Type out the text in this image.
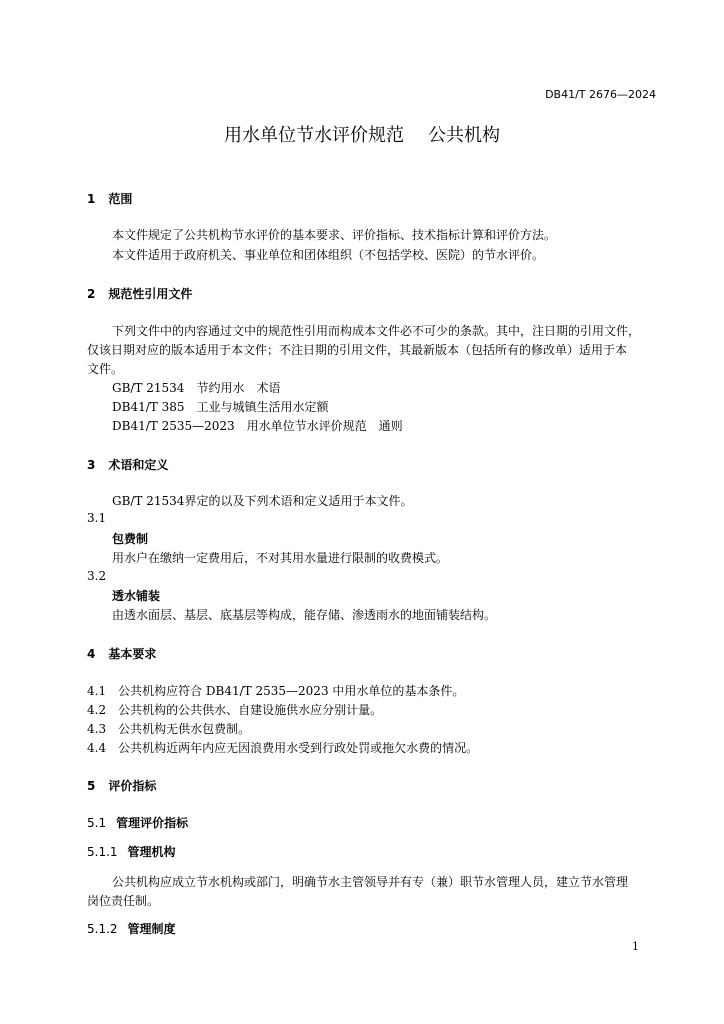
DB41/T 2676—2024
用水单位节水评价规范 公共机构
1 范围
本文件规定了公共机构节水评价的基本要求、评价指标、技术指标计算和评价方法。
本文件适用于政府机关、事业单位和团体组织（不包括学校、医院）的节水评价。
2 规范性引用文件
下列文件中的内容通过文中的规范性引用而构成本文件必不可少的条款。其中，注日期的引用文件，
仅该日期对应的版本适用于本文件；不注日期的引用文件，其最新版本（包括所有的修改单）适用于本
文件。
GB/T 21534　节约用水　术语
DB41/T 385　工业与城镇生活用水定额
DB41/T 2535—2023　用水单位节水评价规范　通则
3 术语和定义
GB/T 21534界定的以及下列术语和定义适用于本文件。
3.1
包费制
用水户在缴纳一定费用后，不对其用水量进行限制的收费模式。
3.2
透水铺装
由透水面层、基层、底基层等构成，能存储、渗透雨水的地面铺装结构。
4 基本要求
4.1　 公共机构应符合 DB41/T 2535—2023 中用水单位的基本条件。
4.2　 公共机构的公共供水、自建设施供水应分别计量。
4.3　 公共机构无供水包费制。
4.4　 公共机构近两年内应无因浪费用水受到行政处罚或拖欠水费的情况。
5 评价指标
5.1 管理评价指标
5.1.1 管理机构
公共机构应成立节水机构或部门，明确节水主管领导并有专（兼）职节水管理人员，建立节水管理
岗位责任制。
5.1.2 管理制度
1
